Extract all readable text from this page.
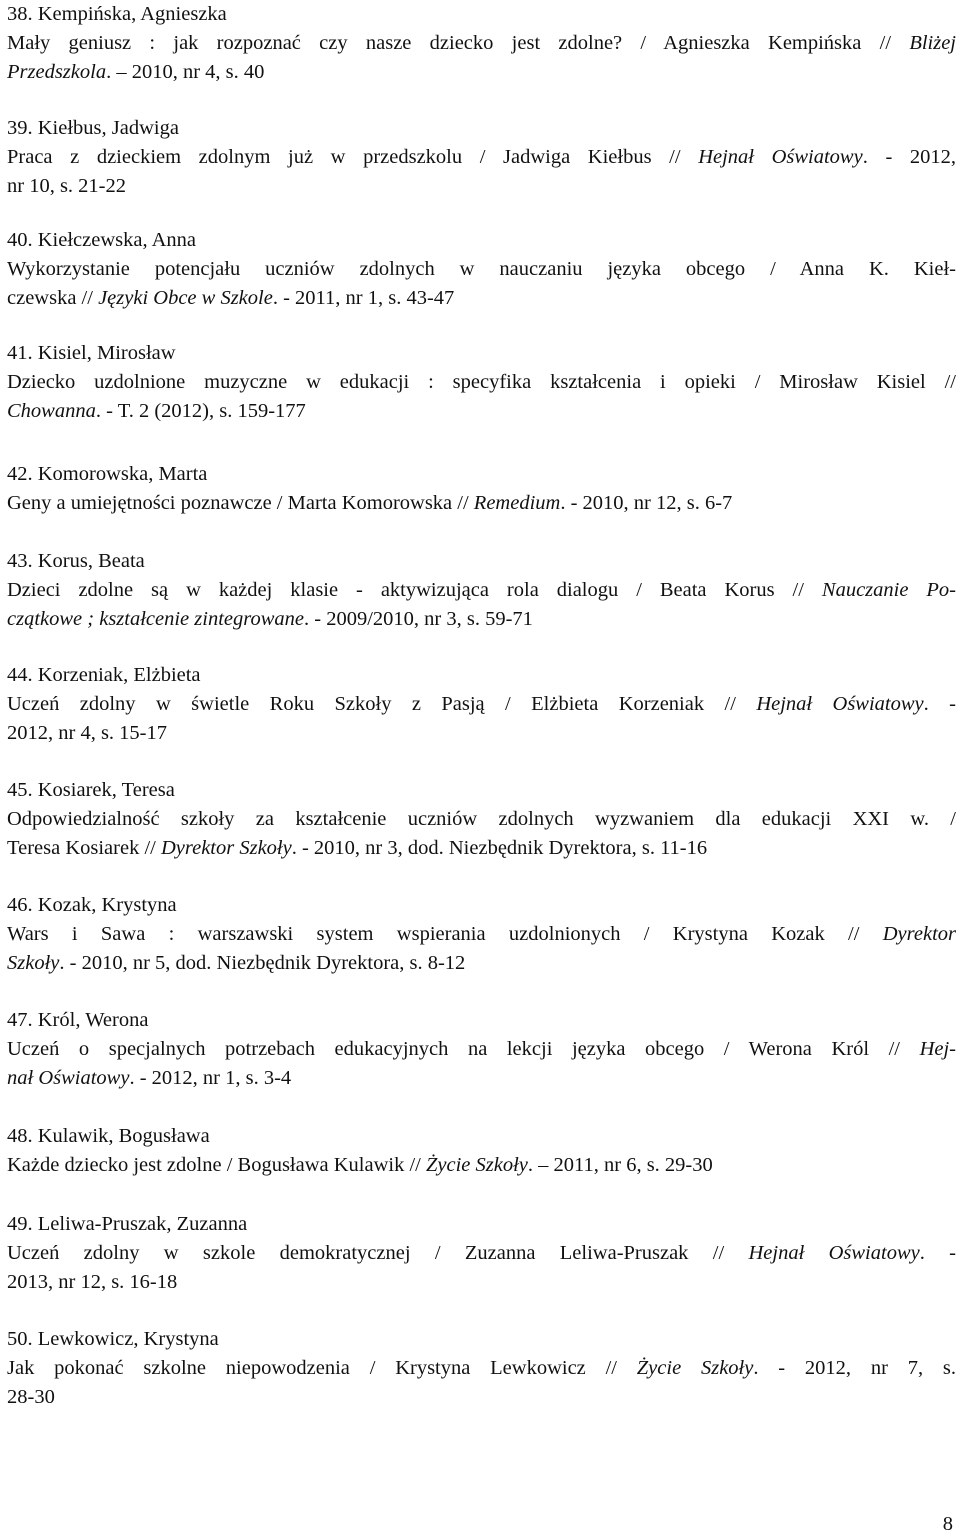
38. Kempińska, Agnieszka
Mały geniusz : jak rozpoznać czy nasze dziecko jest zdolne? / Agnieszka Kempińska // Bliżej
Przedszkola. – 2010, nr 4, s. 40
39. Kiełbus, Jadwiga
Praca z dzieckiem zdolnym już w przedszkolu / Jadwiga Kiełbus // Hejnał Oświatowy. - 2012,
nr 10, s. 21-22
40. Kiełczewska, Anna
Wykorzystanie potencjału uczniów zdolnych w nauczaniu języka obcego / Anna K. Kieł-
czewska // Języki Obce w Szkole. - 2011, nr 1, s. 43-47
41. Kisiel, Mirosław
Dziecko uzdolnione muzyczne w edukacji : specyfika kształcenia i opieki / Mirosław Kisiel //
Chowanna. - T. 2 (2012), s. 159-177
42. Komorowska, Marta
Geny a umiejętności poznawcze / Marta Komorowska // Remedium. - 2010, nr 12, s. 6-7
43. Korus, Beata
Dzieci zdolne są w każdej klasie - aktywizująca rola dialogu / Beata Korus // Nauczanie Po-
czątkowe ; kształcenie zintegrowane. - 2009/2010, nr 3, s. 59-71
44. Korzeniak, Elżbieta
Uczeń zdolny w świetle Roku Szkoły z Pasją / Elżbieta Korzeniak // Hejnał Oświatowy. -
2012, nr 4, s. 15-17
45. Kosiarek, Teresa
Odpowiedzialność szkoły za kształcenie uczniów zdolnych wyzwaniem dla edukacji XXI w. /
Teresa Kosiarek // Dyrektor Szkoły. - 2010, nr 3, dod. Niezbędnik Dyrektora, s. 11-16
46. Kozak, Krystyna
Wars i Sawa : warszawski system wspierania uzdolnionych / Krystyna Kozak // Dyrektor
Szkoły. - 2010, nr 5, dod. Niezbędnik Dyrektora, s. 8-12
47. Król, Werona
Uczeń o specjalnych potrzebach edukacyjnych na lekcji języka obcego / Werona Król // Hej-
nał Oświatowy. - 2012, nr 1, s. 3-4
48. Kulawik, Bogusława
Każde dziecko jest zdolne / Bogusława Kulawik // Życie Szkoły. – 2011, nr 6, s. 29-30
49. Leliwa-Pruszak, Zuzanna
Uczeń zdolny w szkole demokratycznej / Zuzanna Leliwa-Pruszak // Hejnał Oświatowy. -
2013, nr 12, s. 16-18
50. Lewkowicz, Krystyna
Jak pokonać szkolne niepowodzenia / Krystyna Lewkowicz // Życie Szkoły. - 2012, nr 7, s.
28-30
8
